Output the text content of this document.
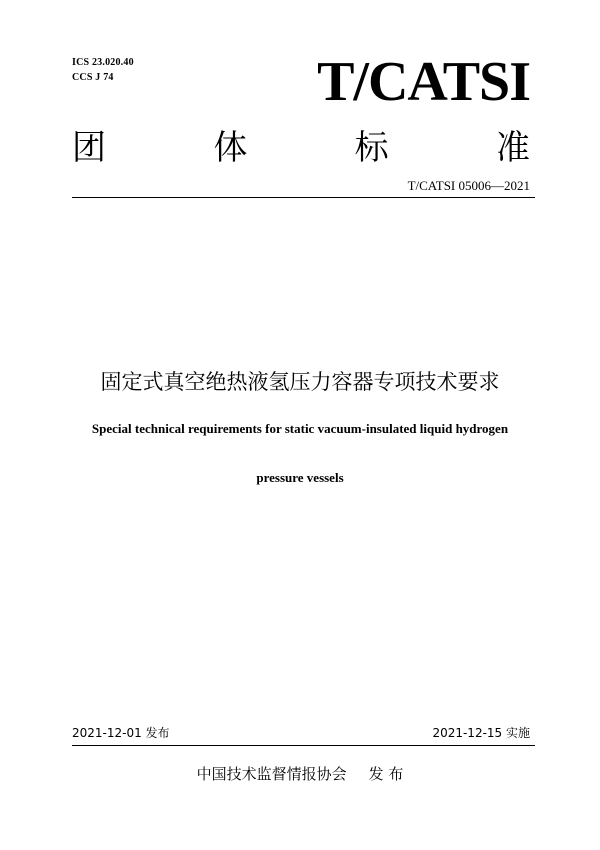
ICS 23.020.40
CCS J 74	T/CATSI
团	体	标	准
T/CATSI 05006—2021
固定式真空绝热液氢压力容器专项技术要求
Special technical requirements for static vacuum-insulated liquid hydrogen
pressure vessels
2021-12-01 发布	2021-12-15 实施
中国技术监督情报协会 发 布
